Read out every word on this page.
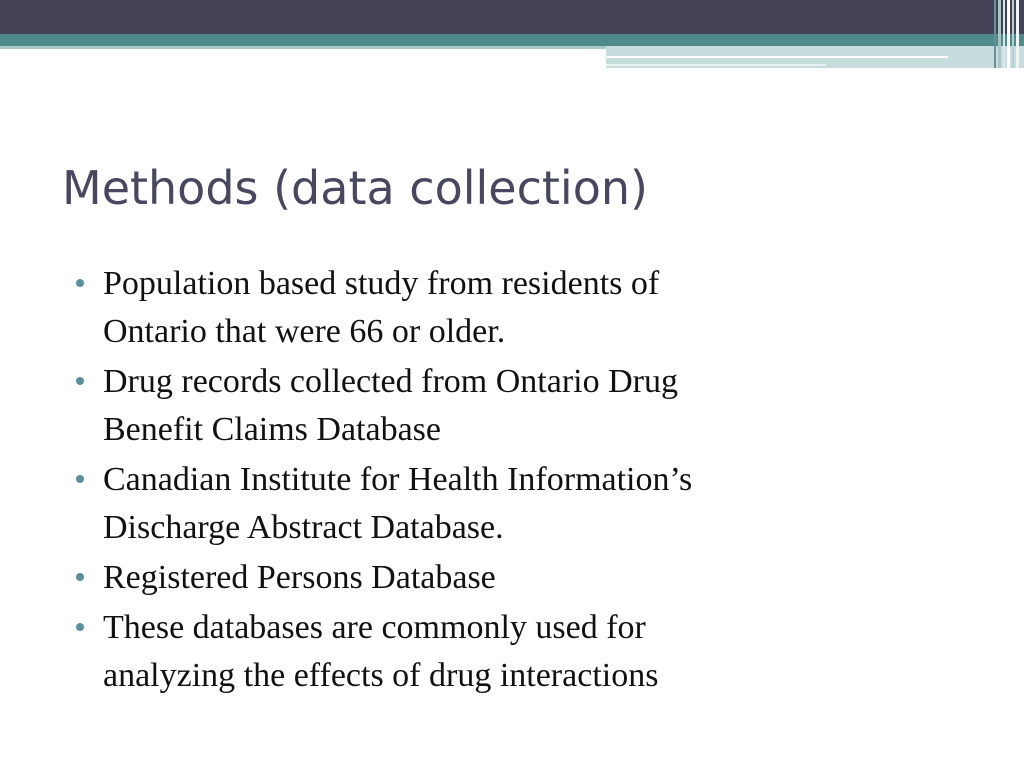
Methods (data collection)
Population based study from residents of
Ontario that were 66 or older.
Drug records collected from Ontario Drug
Benefit Claims Database
Canadian Institute for Health Information’s
Discharge Abstract Database.
Registered Persons Database
These databases are commonly used for
analyzing the effects of drug interactions
